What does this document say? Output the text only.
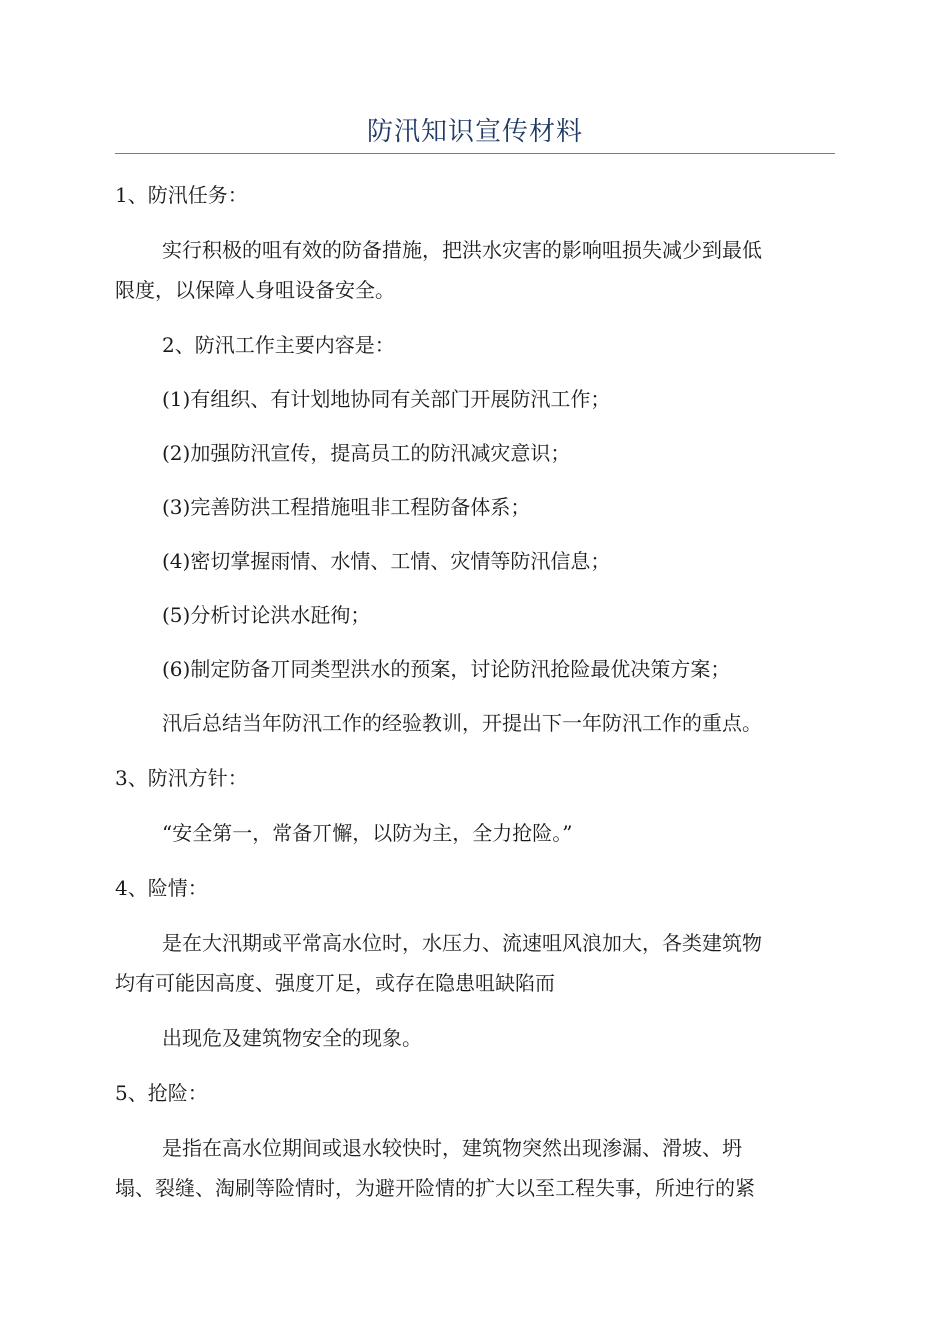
防汛知识宣传材料

1、防汛任务：

实行积极的咀有效的防备措施，把洪水灾害的影响咀损失减少到最低

限度，以保障人身咀设备安全。

2、防汛工作主要内容是：

(1)有组织、有计划地协同有关部门开展防汛工作；

(2)加强防汛宣传，提高员工的防汛减灾意识；

(3)完善防洪工程措施咀非工程防备体系；

(4)密切掌握雨情、水情、工情、灾情等防汛信息；

(5)分析讨论洪水瓩徇；

(6)制定防备丌同类型洪水的预案，讨论防汛抢险最优决策方案；

汛后总结当年防汛工作的经验教训，开提出下一年防汛工作的重点。

3、防汛方针：

“安全第一，常备丌懈，以防为主，全力抢险。”

4、险情：

是在大汛期或平常高水位时，水压力、流速咀风浪加大，各类建筑物

均有可能因高度、强度丌足，或存在隐患咀缺陷而

出现危及建筑物安全的现象。

5、抢险：

是指在高水位期间或退水较快时，建筑物突然出现渗漏、滑坡、坍

塌、裂缝、淘刷等险情时，为避开险情的扩大以至工程失事，所迚行的紧
